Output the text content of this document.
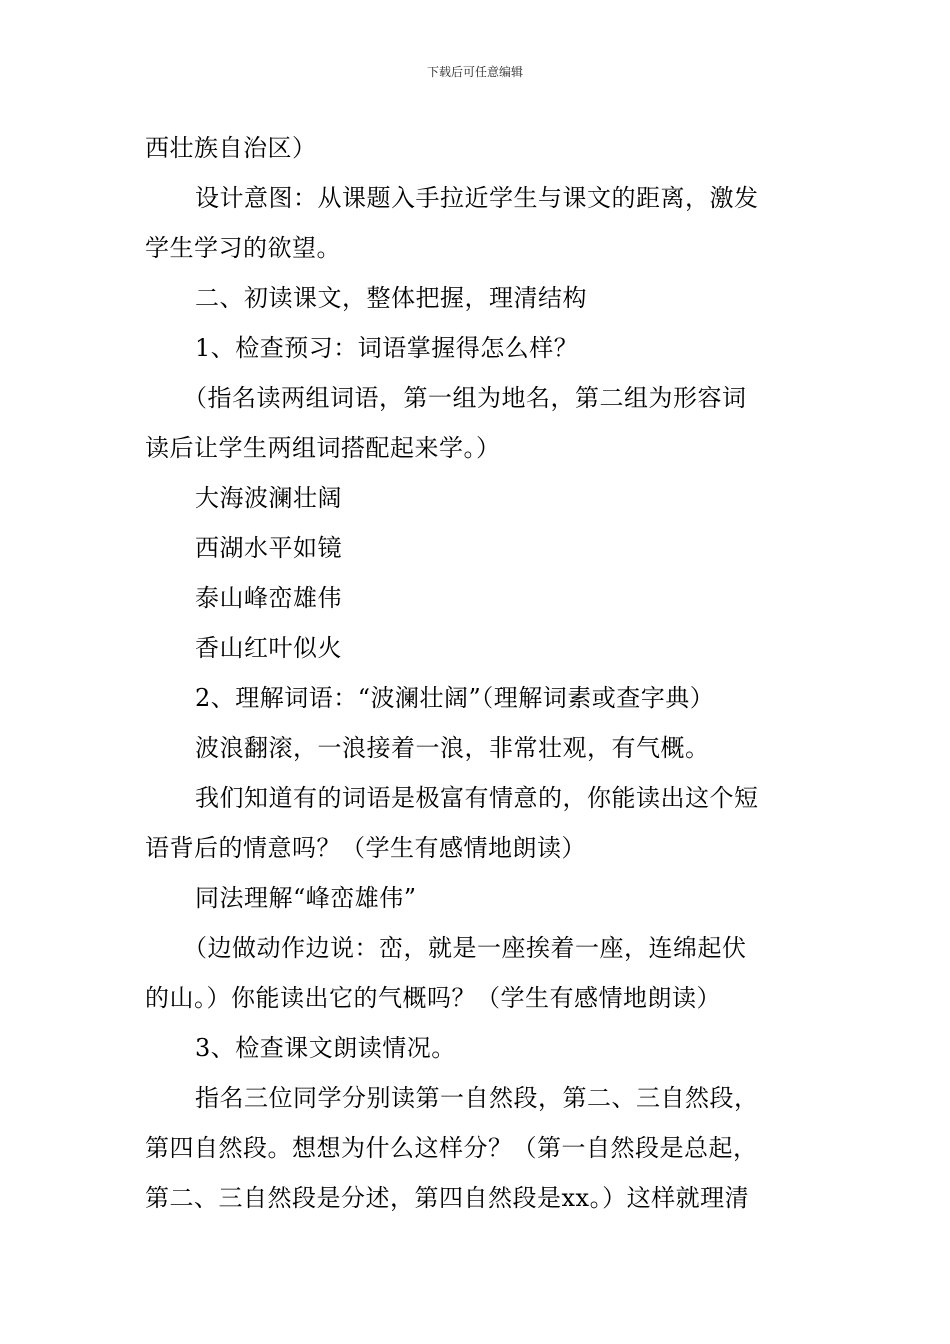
下载后可任意编辑
西壮族自治区）
设计意图：从课题入手拉近学生与课文的距离，激发
学生学习的欲望。
二、初读课文，整体把握，理清结构
1、检查预习：词语掌握得怎么样？
（指名读两组词语，第一组为地名，第二组为形容词
读后让学生两组词搭配起来学。）
大海波澜壮阔
西湖水平如镜
泰山峰峦雄伟
香山红叶似火
2、理解词语：“波澜壮阔”（理解词素或查字典）
波浪翻滚，一浪接着一浪，非常壮观，有气概。
我们知道有的词语是极富有情意的，你能读出这个短
语背后的情意吗？（学生有感情地朗读）
同法理解“峰峦雄伟”
（边做动作边说：峦，就是一座挨着一座，连绵起伏
的山。）你能读出它的气概吗？（学生有感情地朗读）
3、检查课文朗读情况。
指名三位同学分别读第一自然段，第二、三自然段，
第四自然段。想想为什么这样分？（第一自然段是总起，
第二、三自然段是分述，第四自然段是xx。）这样就理清
